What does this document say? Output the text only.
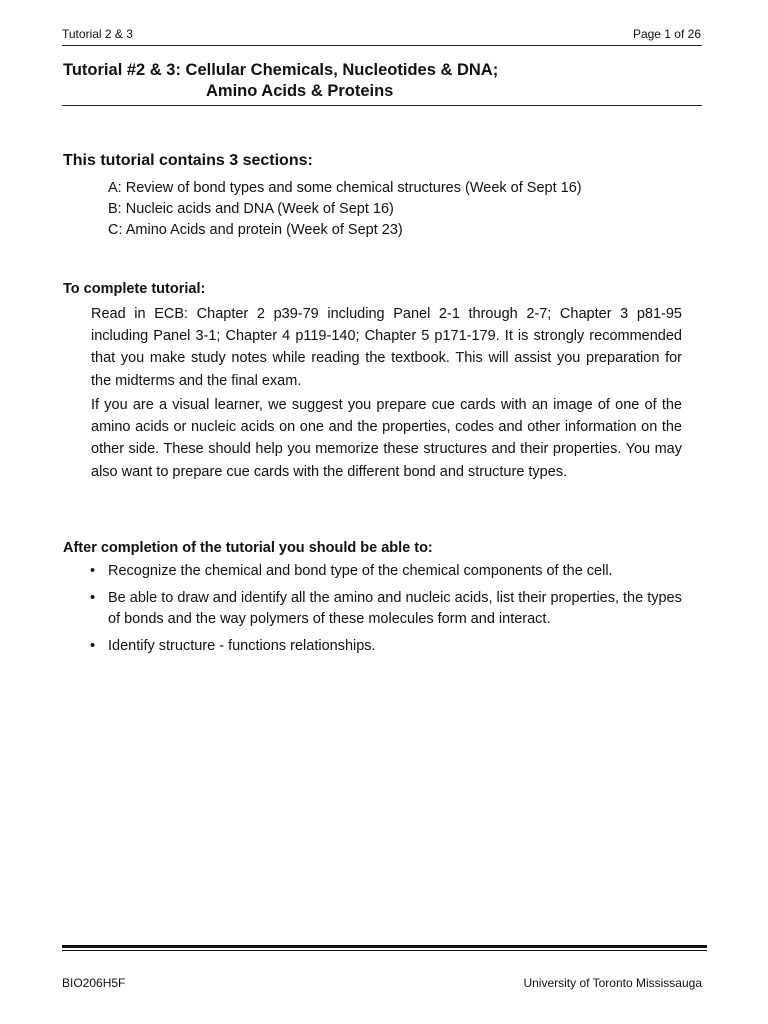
Tutorial 2 & 3	Page 1 of 26
Tutorial #2 & 3: Cellular Chemicals, Nucleotides & DNA;
Amino Acids & Proteins
This tutorial contains 3 sections:
A: Review of bond types and some chemical structures (Week of Sept 16)
B: Nucleic acids and DNA (Week of Sept 16)
C: Amino Acids and protein (Week of Sept 23)
To complete tutorial:

Read in ECB: Chapter 2 p39-79 including Panel 2-1 through 2-7; Chapter 3 p81-95 including Panel 3-1; Chapter 4 p119-140; Chapter 5 p171-179. It is strongly recommended that you make study notes while reading the textbook. This will assist you preparation for the midterms and the final exam.

If you are a visual learner, we suggest you prepare cue cards with an image of one of the amino acids or nucleic acids on one and the properties, codes and other information on the other side. These should help you memorize these structures and their properties. You may also want to prepare cue cards with the different bond and structure types.

After completion of the tutorial you should be able to:
• Recognize the chemical and bond type of the chemical components of the cell.
• Be able to draw and identify all the amino and nucleic acids, list their properties, the types of bonds and the way polymers of these molecules form and interact.
• Identify structure - functions relationships.
BIO206H5F	University of Toronto Mississauga
